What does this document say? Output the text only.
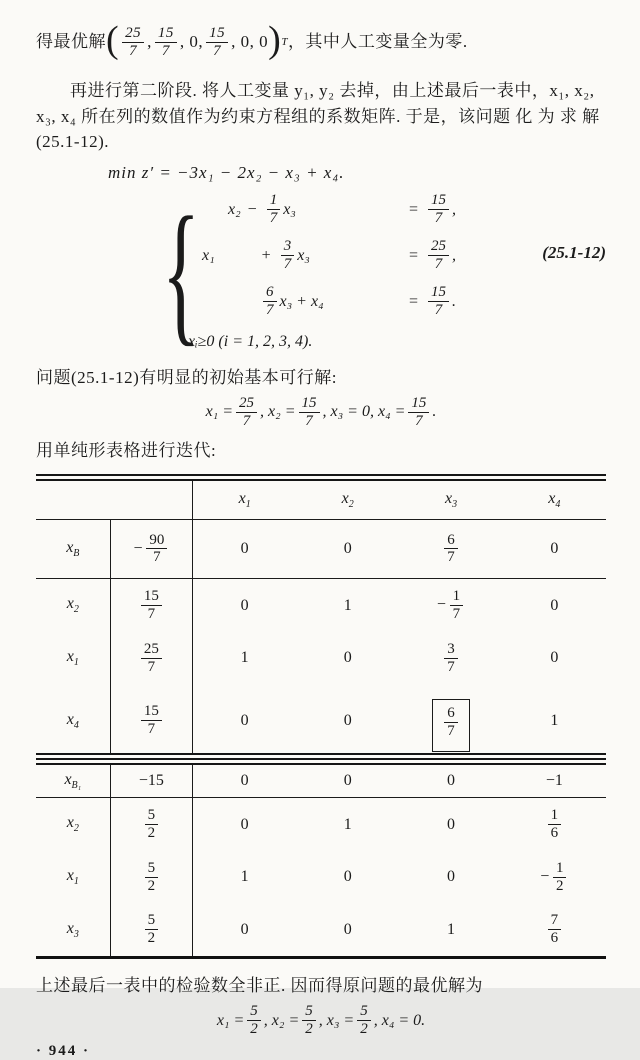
得最优解 ( $\frac{25}{7}$ , $\frac{15}{7}$ , 0, $\frac{15}{7}$ , 0, 0 ) T ，其中人工变量全为零.
再进行第二阶段. 将人工变量 y₁, y₂ 去掉，由上述最后一表中，x₁, x₂,
x₃, x₄ 所在列的数值作为约束方程组的系数矩阵. 于是，该问题 化 为 求 解
(25.1-12).
min z′ = −3x₁ − 2x₂ − x₃ + x₄.
{	(25.1-12)
$x_2 - \frac{1}{7} x_3$	= $\frac{15}{7}$ ,
x₁	+ $\frac{3}{7} x_3$	= $\frac{25}{7}$ ,
$\frac{6}{7} x_3 + x_4$	= $\frac{15}{7}$ .
xᵢ≥0 (i = 1, 2, 3, 4).
问题(25.1-12)有明显的初始基本可行解:
$x_1 = \frac{25}{7}$ , $x_2 = \frac{15}{7}$ , x₃ = 0, $x_4 = \frac{15}{7}$ .
用单纯形表格进行迭代:
		$x_1$	$x_2$	$x_3$	$x_4$
$x_B$	− $\frac{90}{7}$	0	0	$\frac{6}{7}$	0
$x_2$	$\frac{15}{7}$	0	1	− $\frac{1}{7}$	0
$x_1$	$\frac{25}{7}$	1	0	$\frac{3}{7}$	0
$x_4$	$\frac{15}{7}$	0	0	$\frac{6}{7}$	1
$x_{B_1}$	−15	0	0	0	−1
$x_2$	$\frac{5}{2}$	0	1	0	$\frac{1}{6}$

$x_1$	$\frac{5}{2}$	1	0	0	− $\frac{1}{2}$

$x_3$	$\frac{5}{2}$	0	0	1	$\frac{7}{6}$
上述最后一表中的检验数全非正. 因而得原问题的最优解为
$x_1 = \frac{5}{2}$ , $x_2 = \frac{5}{2}$ , $x_3 = \frac{5}{2}$ , x₄ = 0.
· 944 ·
